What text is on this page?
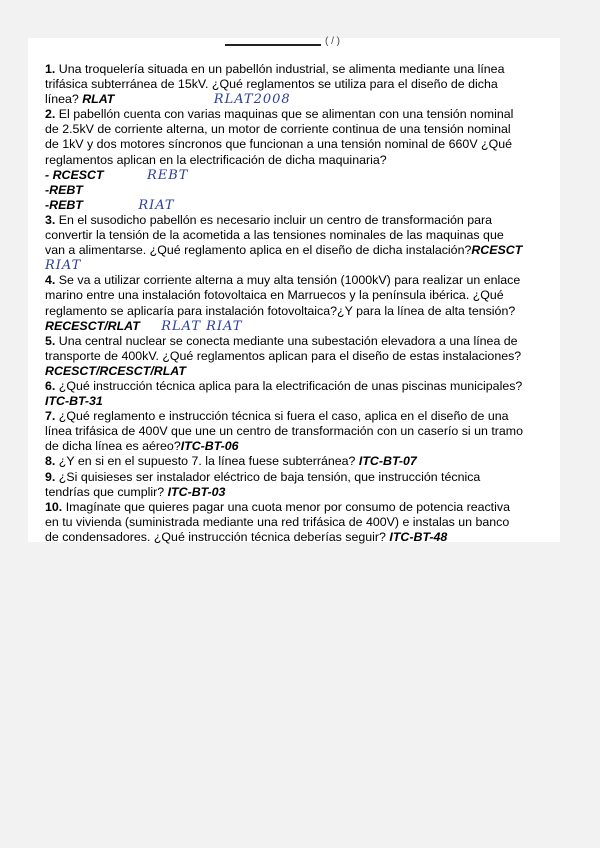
( / )

1. Una troquelería situada en un pabellón industrial, se alimenta mediante una línea trifásica subterránea de 15kV. ¿Qué reglamentos se utiliza para el diseño de dicha línea? RLAT	RLAT2008

2. El pabellón cuenta con varias maquinas que se alimentan con una tensión nominal de 2.5kV de corriente alterna, un motor de corriente continua de una tensión nominal de 1kV y dos motores síncronos que funcionan a una tensión nominal de 660V ¿Qué reglamentos aplican en la electrificación de dicha maquinaria?

- RCESCT	REBT

-REBT

-REBT	RIAT

3. En el susodicho pabellón es necesario incluir un centro de transformación para convertir la tensión de la acometida a las tensiones nominales de las maquinas que van a alimentarse. ¿Qué reglamento aplica en el diseño de dicha instalación?RCESCT RIAT

4. Se va a utilizar corriente alterna a muy alta tensión (1000kV) para realizar un enlace marino entre una instalación fotovoltaica en Marruecos y la península ibérica. ¿Qué reglamento se aplicaría para instalación fotovoltaica?¿Y para la línea de alta tensión?

RECESCT/RLAT RLAT RIAT

5. Una central nuclear se conecta mediante una subestación elevadora a una línea de transporte de 400kV. ¿Qué reglamentos aplican para el diseño de estas instalaciones?RCESCT/RCESCT/RLAT

6. ¿Qué instrucción técnica aplica para la electrificación de unas piscinas municipales?ITC-BT-31

7. ¿Qué reglamento e instrucción técnica si fuera el caso, aplica en el diseño de una línea trifásica de 400V que une un centro de transformación con un caserío si un tramo de dicha línea es aéreo?ITC-BT-06

8. ¿Y en si en el supuesto 7. la línea fuese subterránea? ITC-BT-07

9. ¿Si quisieses ser instalador eléctrico de baja tensión, que instrucción técnica tendrías que cumplir? ITC-BT-03

10. Imagínate que quieres pagar una cuota menor por consumo de potencia reactiva en tu vivienda (suministrada mediante una red trifásica de 400V) e instalas un banco de condensadores. ¿Qué instrucción técnica deberías seguir? ITC-BT-48
